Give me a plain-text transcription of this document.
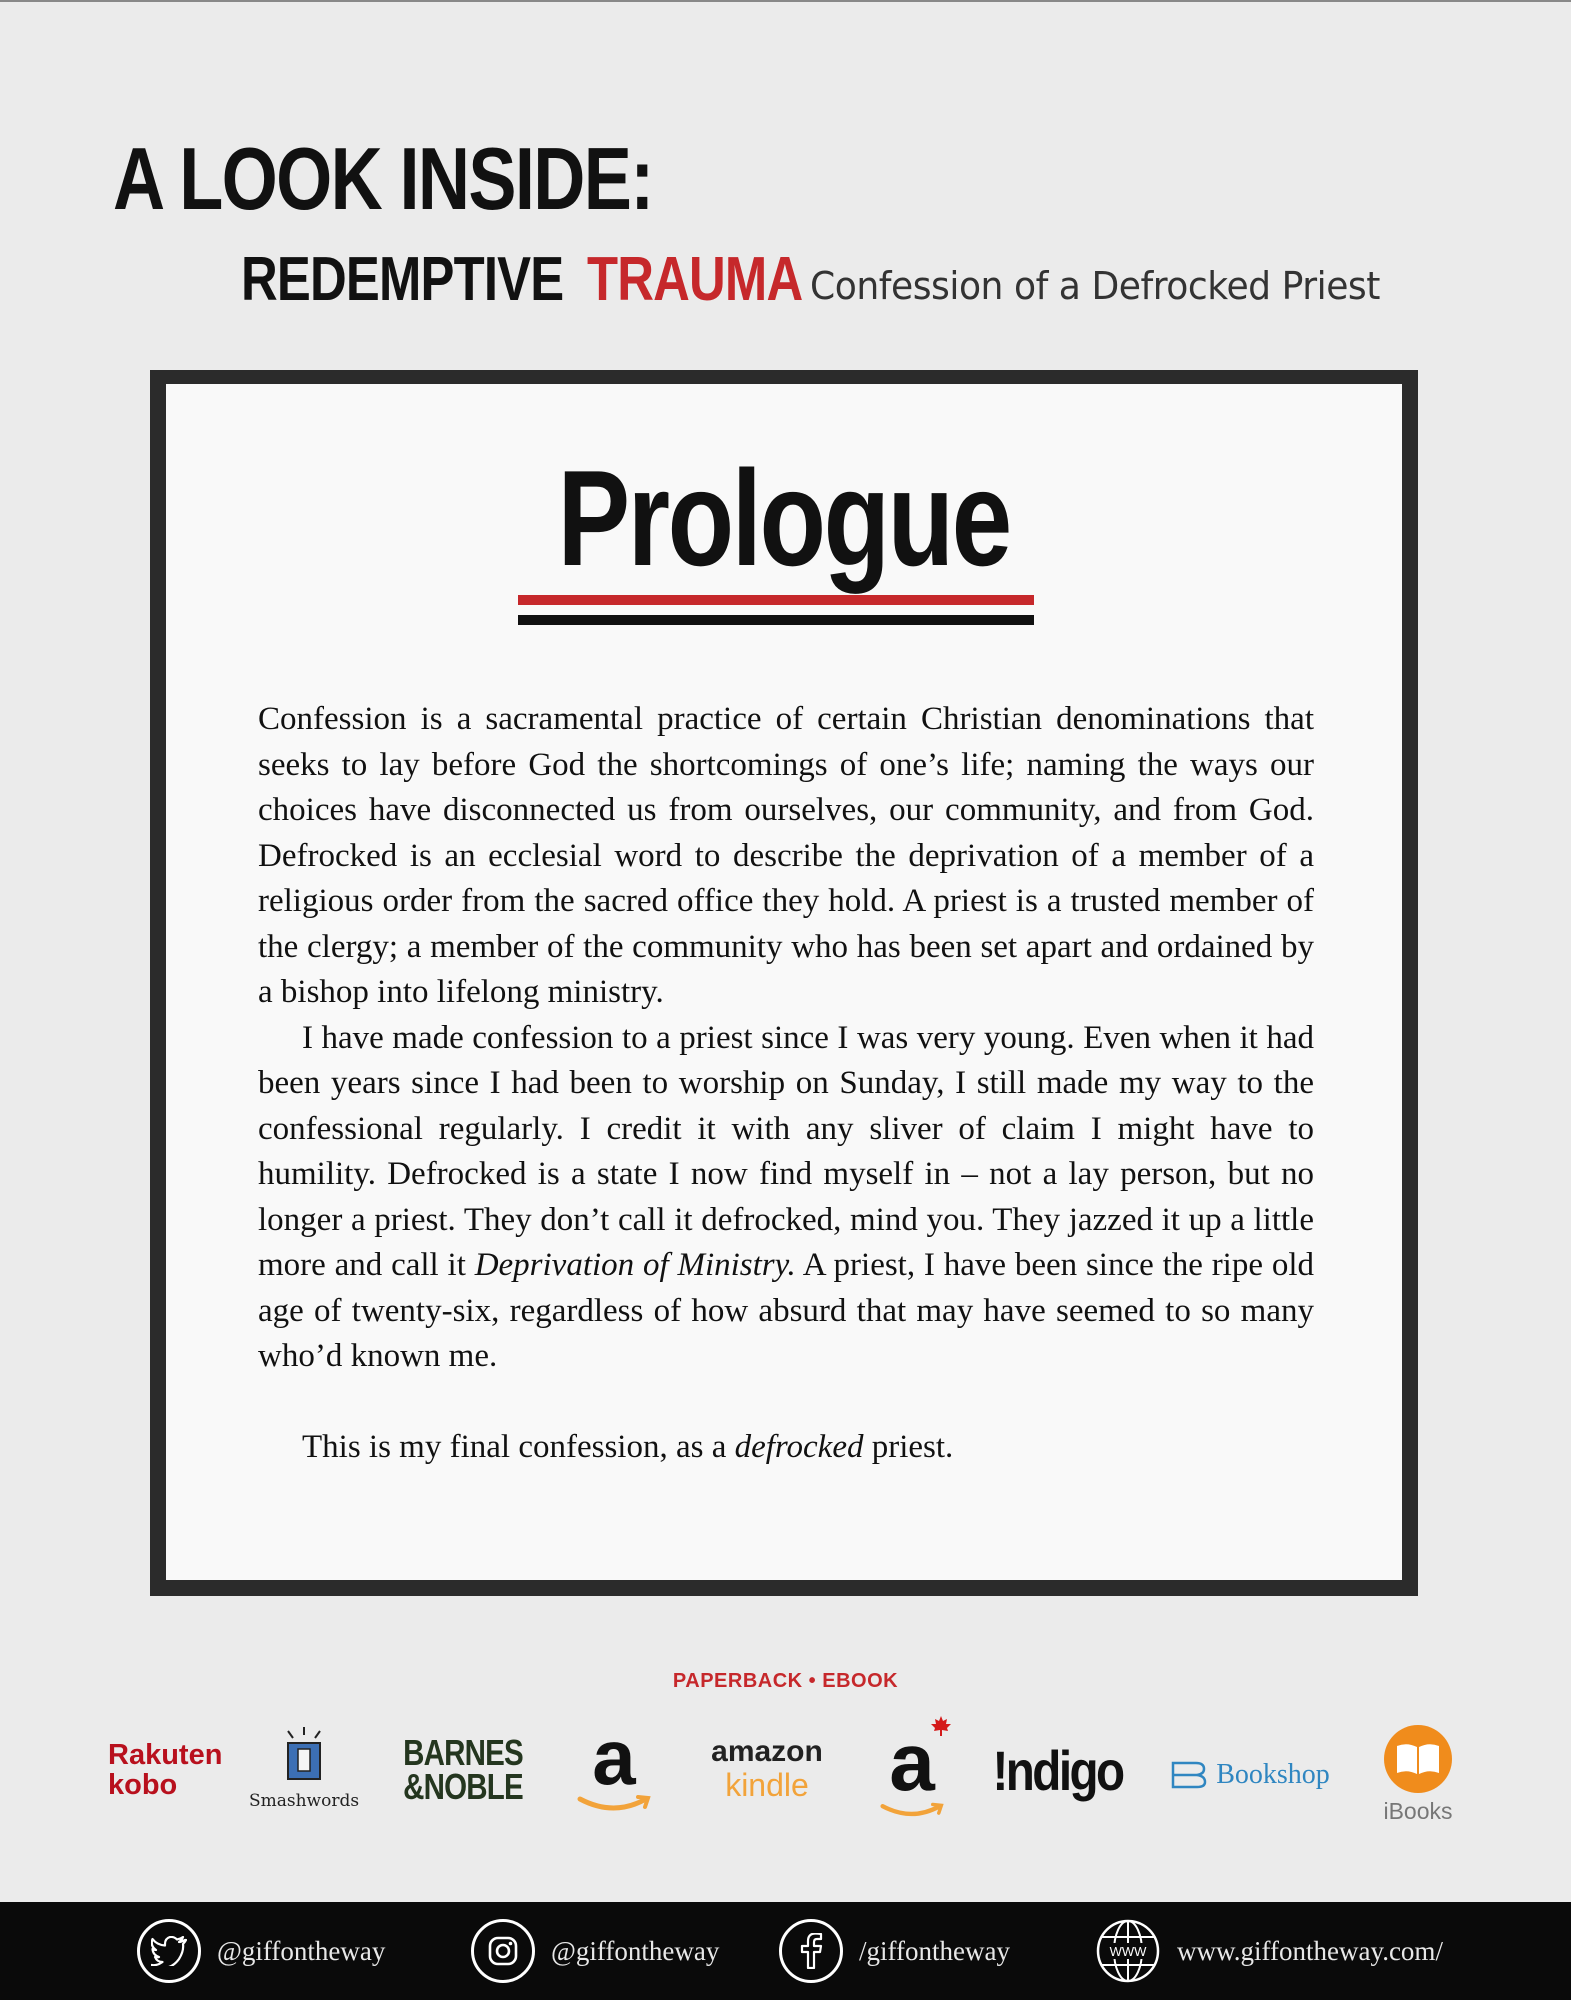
A LOOK INSIDE:
REDEMPTIVE TRAUMA Confession of a Defrocked Priest
Prologue

Confession is a sacramental practice of certain Christian denominations that seeks to lay before God the shortcomings of one’s life; naming the ways our choices have disconnected us from ourselves, our community, and from God. Defrocked is an ecclesial word to describe the deprivation of a member of a religious order from the sacred office they hold. A priest is a trusted member of the clergy; a member of the community who has been set apart and ordained by a bishop into lifelong ministry.

I have made confession to a priest since I was very young. Even when it had been years since I had been to worship on Sunday, I still made my way to the confessional regularly. I credit it with any sliver of claim I might have to humility. Defrocked is a state I now find myself in – not a lay person, but no longer a priest. They don’t call it defrocked, mind you. They jazzed it up a little more and call it Deprivation of Ministry. A priest, I have been since the ripe old age of twenty-six, regardless of how absurd that may have seemed to so many who’d known me.

This is my final confession, as a defrocked priest.

PAPERBACK • EBOOK
Rakuten
kobo	Smashwords
BARNES
&NOBLE a	amazon
kindle a !ndigo	Bookshop
iBooks
@giffontheway	@giffontheway	/giffontheway	WWW www.giffontheway.com/
